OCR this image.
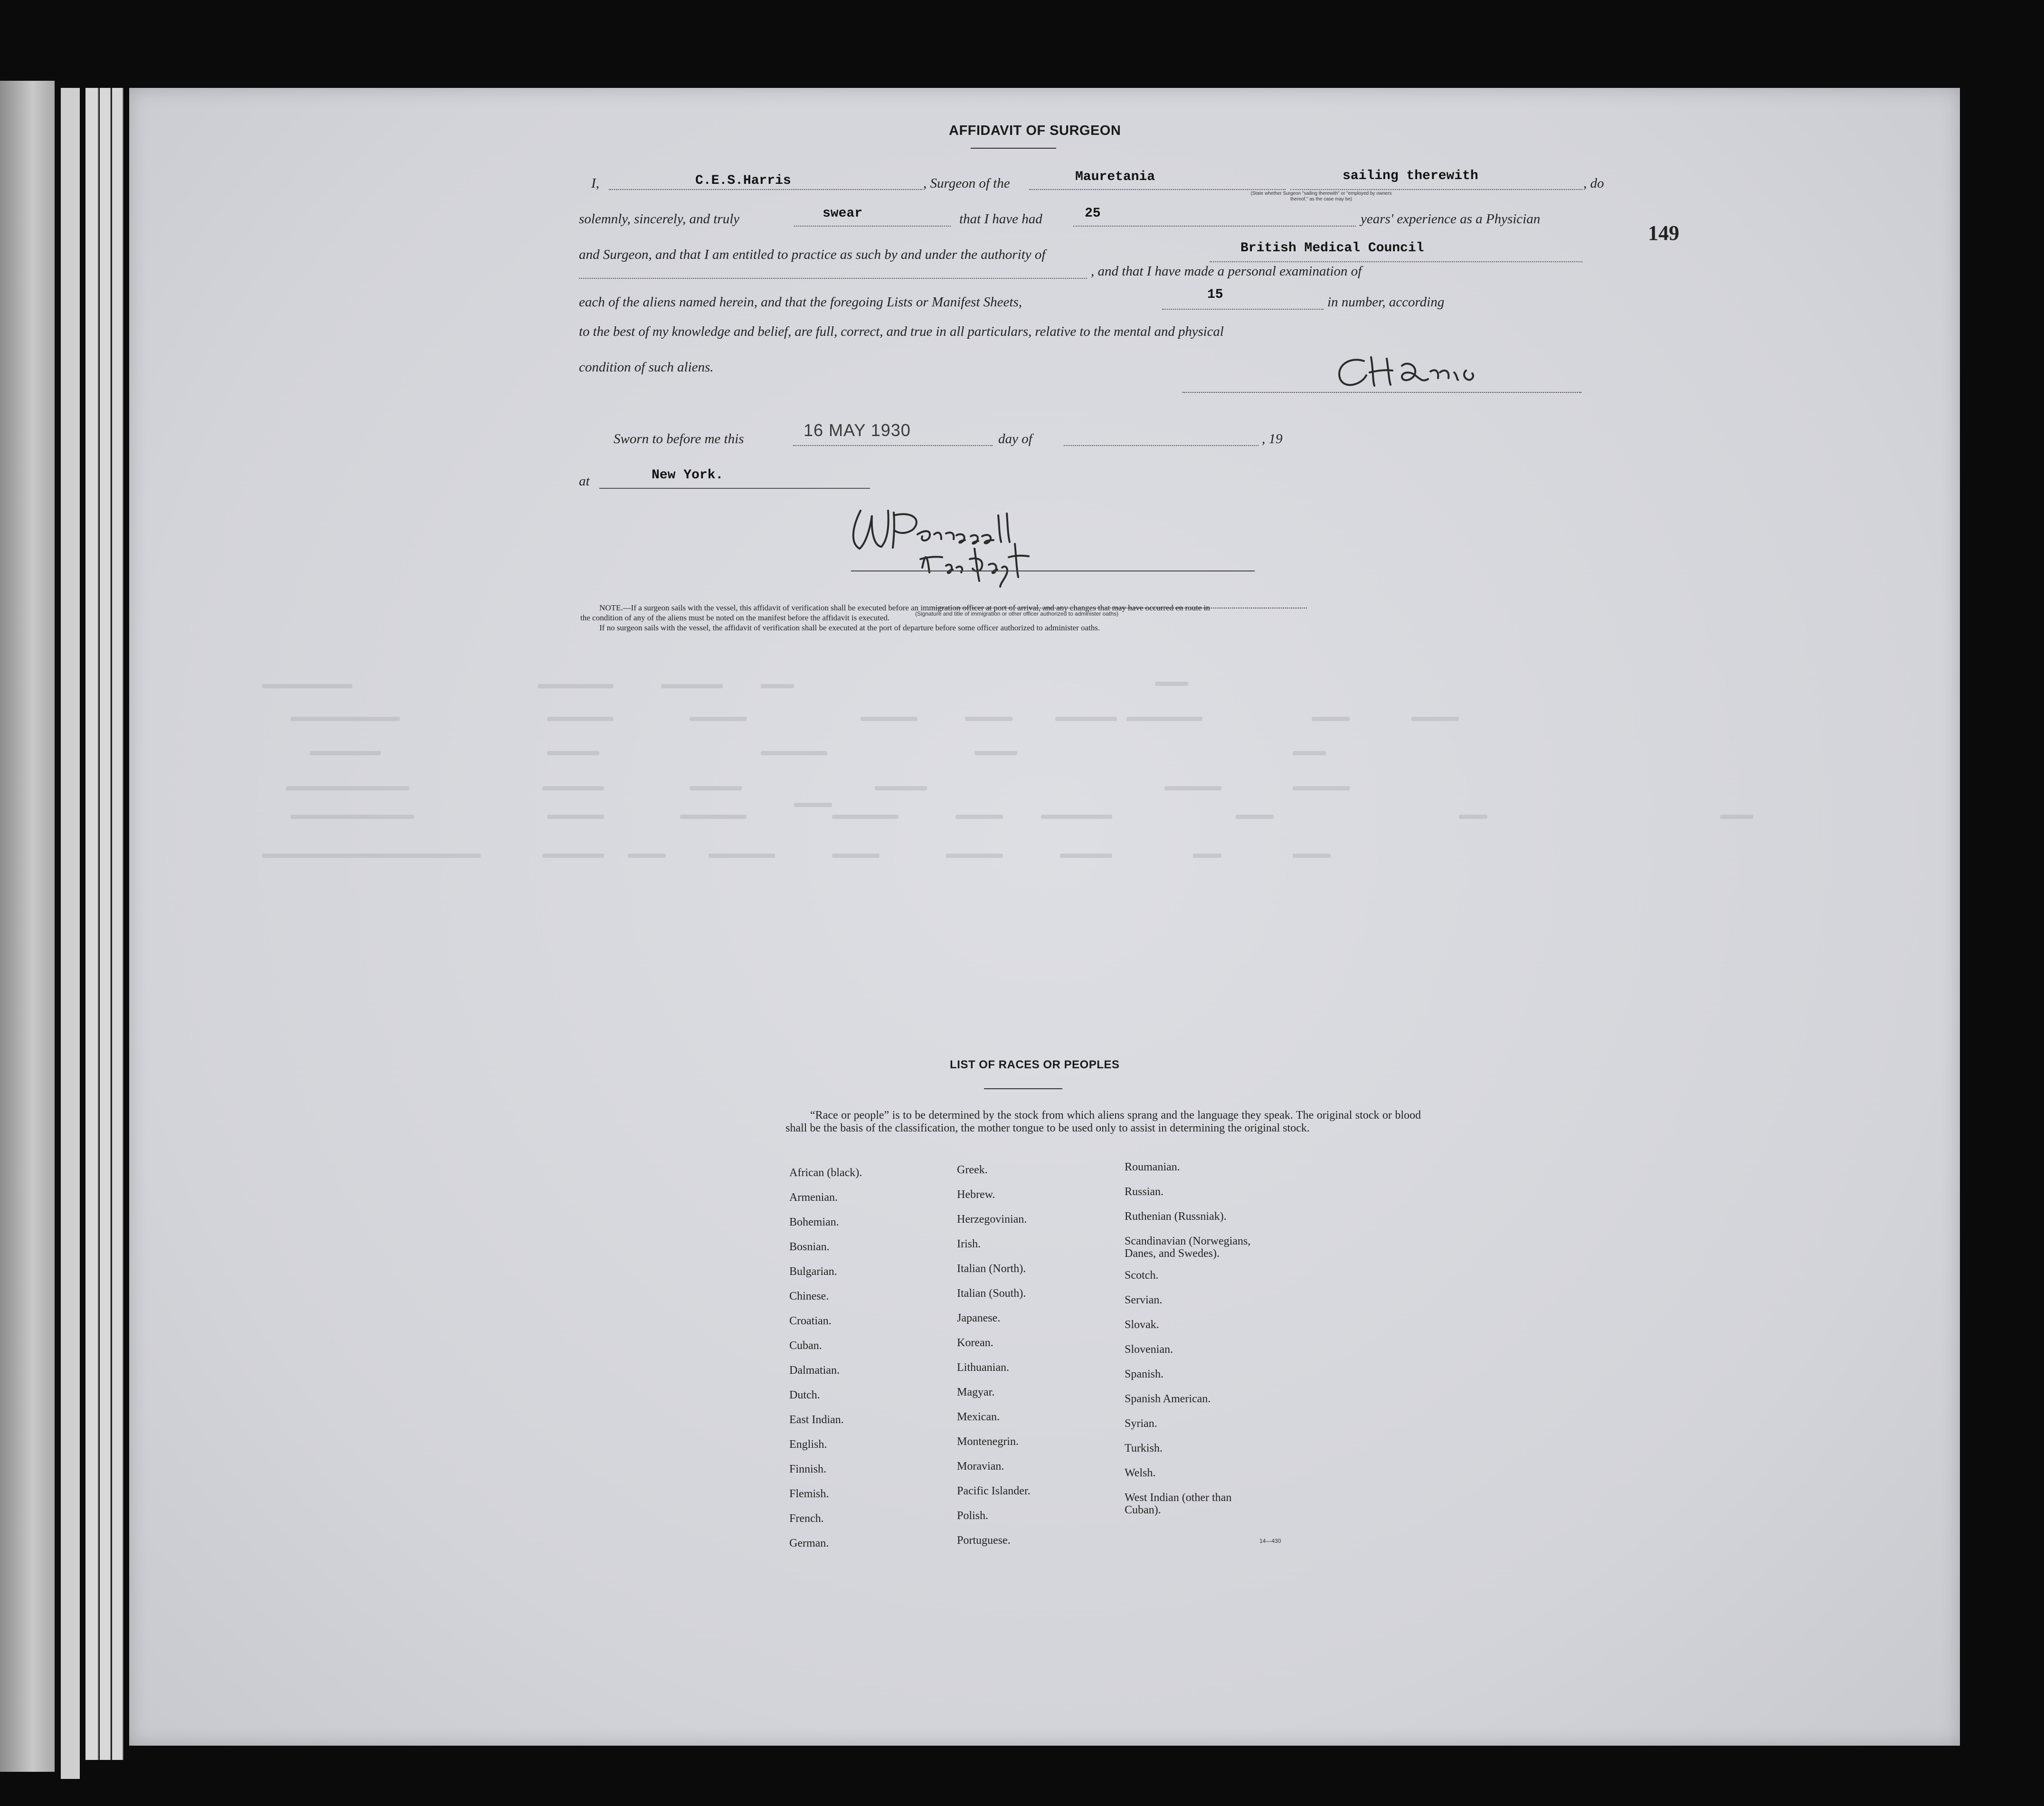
149
AFFIDAVIT OF SURGEON
I,	C.E.S.Harris	, Surgeon of the	Mauretania	sailing therewith	, do
(State whether Surgeon "sailing therewith" or "employed by owners thereof," as the case may be)
solemnly, sincerely, and truly	swear	that I have had	25	years' experience as a Physician
and Surgeon, and that I am entitled to practice as such by and under the authority of	British Medical Council
, and that I have made a personal examination of
each of the aliens named herein, and that the foregoing Lists or Manifest Sheets,	15	in number, according
to the best of my knowledge and belief, are full, correct, and true in all particulars, relative to the mental and physical
condition of such aliens.
Sworn to before me this	16 MAY 1930	day of	, 19
at	New York.
(Signature and title of immigration or other officer authorized to administer oaths)
NOTE.—If a surgeon sails with the vessel, this affidavit of verification shall be executed before an immigration officer at port of arrival, and any changes that may have occurred en route in
the condition of any of the aliens must be noted on the manifest before the affidavit is executed.
If no surgeon sails with the vessel, the affidavit of verification shall be executed at the port of departure before some officer authorized to administer oaths.
LIST OF RACES OR PEOPLES
“Race or people” is to be determined by the stock from which aliens sprang and the language they speak. The original stock or blood shall be the basis of the classification, the mother tongue to be used only to assist in determining the original stock.
African (black).
Armenian.
Bohemian.
Bosnian.
Bulgarian.
Chinese.
Croatian.
Cuban.
Dalmatian.
Dutch.
East Indian.
English.
Finnish.
Flemish.
French.
German.
Greek.
Hebrew.
Herzegovinian.
Irish.
Italian (North).
Italian (South).
Japanese.
Korean.
Lithuanian.
Magyar.
Mexican.
Montenegrin.
Moravian.
Pacific Islander.
Polish.
Portuguese.
Roumanian.
Russian.
Ruthenian (Russniak).
Scandinavian (Norwegians,
Danes, and Swedes).
Scotch.
Servian.
Slovak.
Slovenian.
Spanish.
Spanish American.
Syrian.
Turkish.
Welsh.
West Indian (other than
Cuban).
14—430
